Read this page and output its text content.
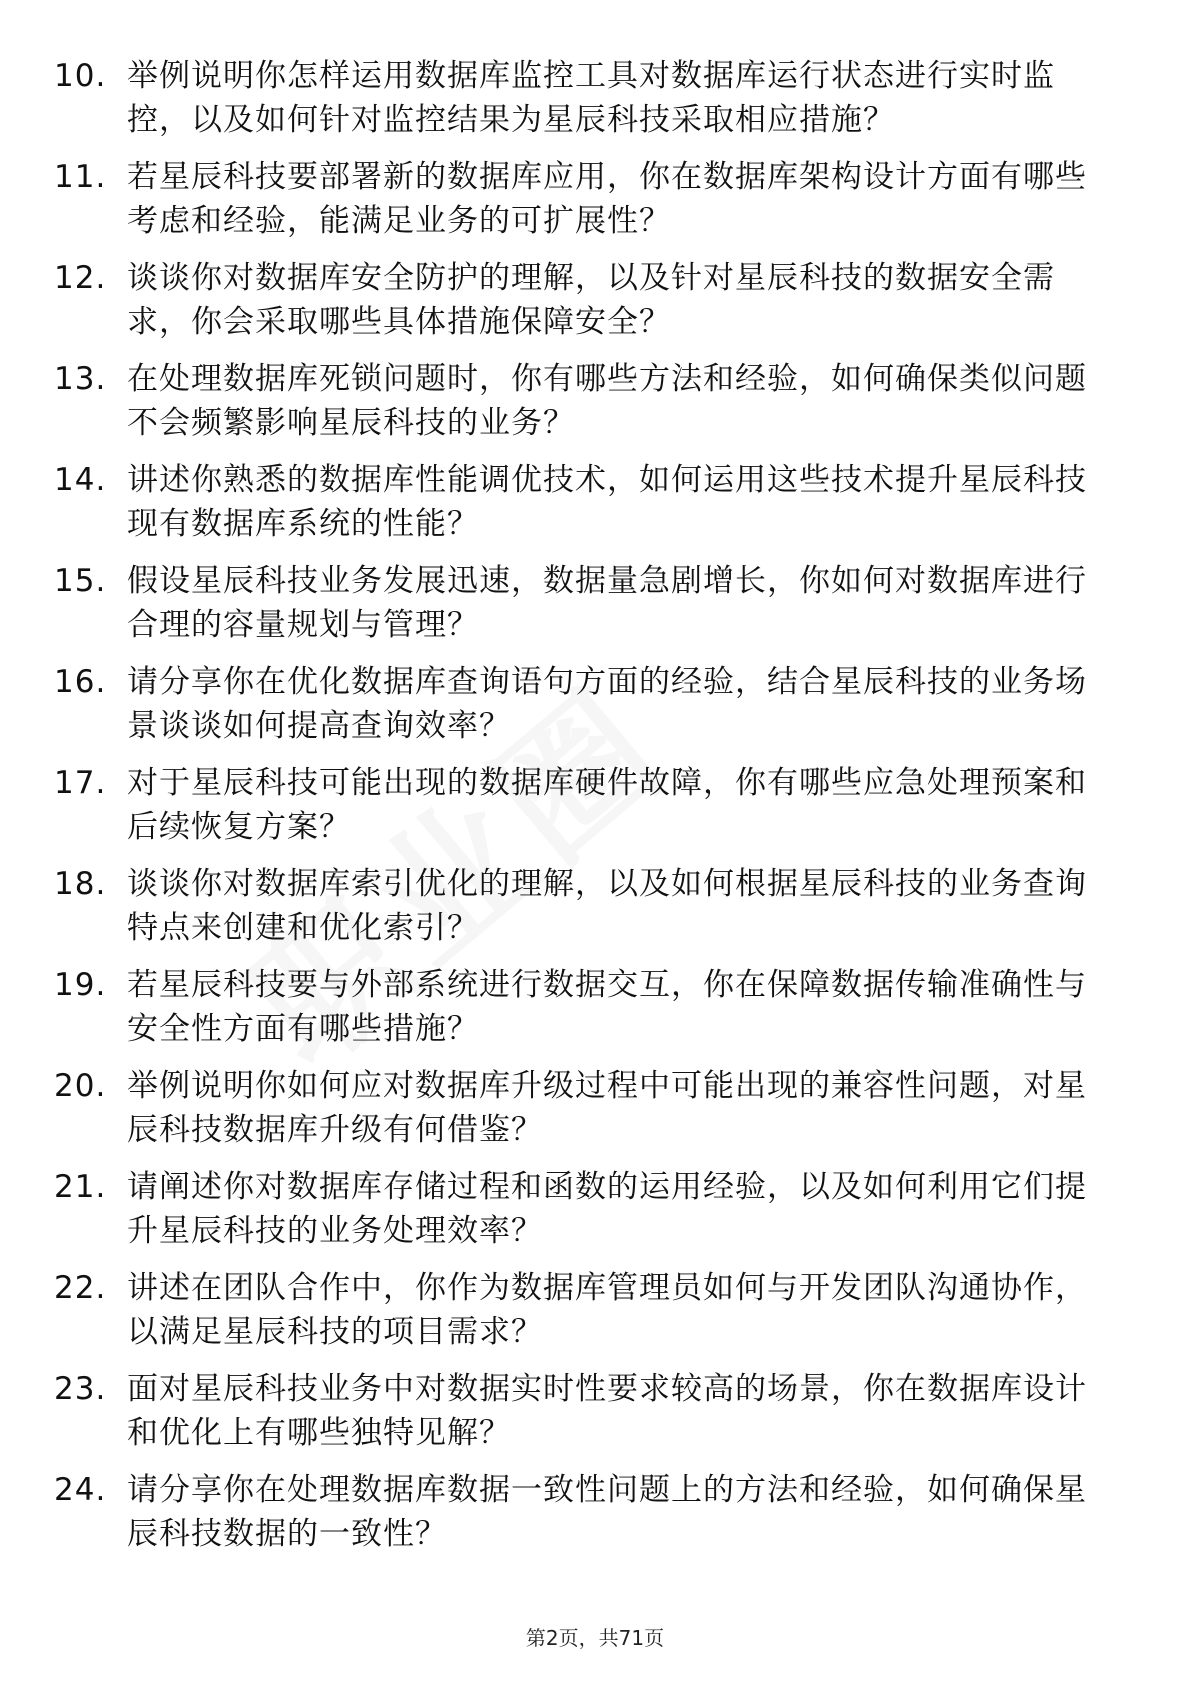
10. 举例说明你怎样运用数据库监控工具对数据库运行状态进行实时监控，以及如何针对监控结果为星辰科技采取相应措施？
11. 若星辰科技要部署新的数据库应用，你在数据库架构设计方面有哪些考虑和经验，能满足业务的可扩展性？
12. 谈谈你对数据库安全防护的理解，以及针对星辰科技的数据安全需求，你会采取哪些具体措施保障安全？
13. 在处理数据库死锁问题时，你有哪些方法和经验，如何确保类似问题不会频繁影响星辰科技的业务？
14. 讲述你熟悉的数据库性能调优技术，如何运用这些技术提升星辰科技现有数据库系统的性能？
15. 假设星辰科技业务发展迅速，数据量急剧增长，你如何对数据库进行合理的容量规划与管理？
16. 请分享你在优化数据库查询语句方面的经验，结合星辰科技的业务场景谈谈如何提高查询效率？
17. 对于星辰科技可能出现的数据库硬件故障，你有哪些应急处理预案和后续恢复方案？
18. 谈谈你对数据库索引优化的理解，以及如何根据星辰科技的业务查询特点来创建和优化索引？
19. 若星辰科技要与外部系统进行数据交互，你在保障数据传输准确性与安全性方面有哪些措施？
20. 举例说明你如何应对数据库升级过程中可能出现的兼容性问题，对星辰科技数据库升级有何借鉴？
21. 请阐述你对数据库存储过程和函数的运用经验，以及如何利用它们提升星辰科技的业务处理效率？
22. 讲述在团队合作中，你作为数据库管理员如何与开发团队沟通协作，以满足星辰科技的项目需求？
23. 面对星辰科技业务中对数据实时性要求较高的场景，你在数据库设计和优化上有哪些独特见解？
24. 请分享你在处理数据库数据一致性问题上的方法和经验，如何确保星辰科技数据的一致性？
第2页，共71页
